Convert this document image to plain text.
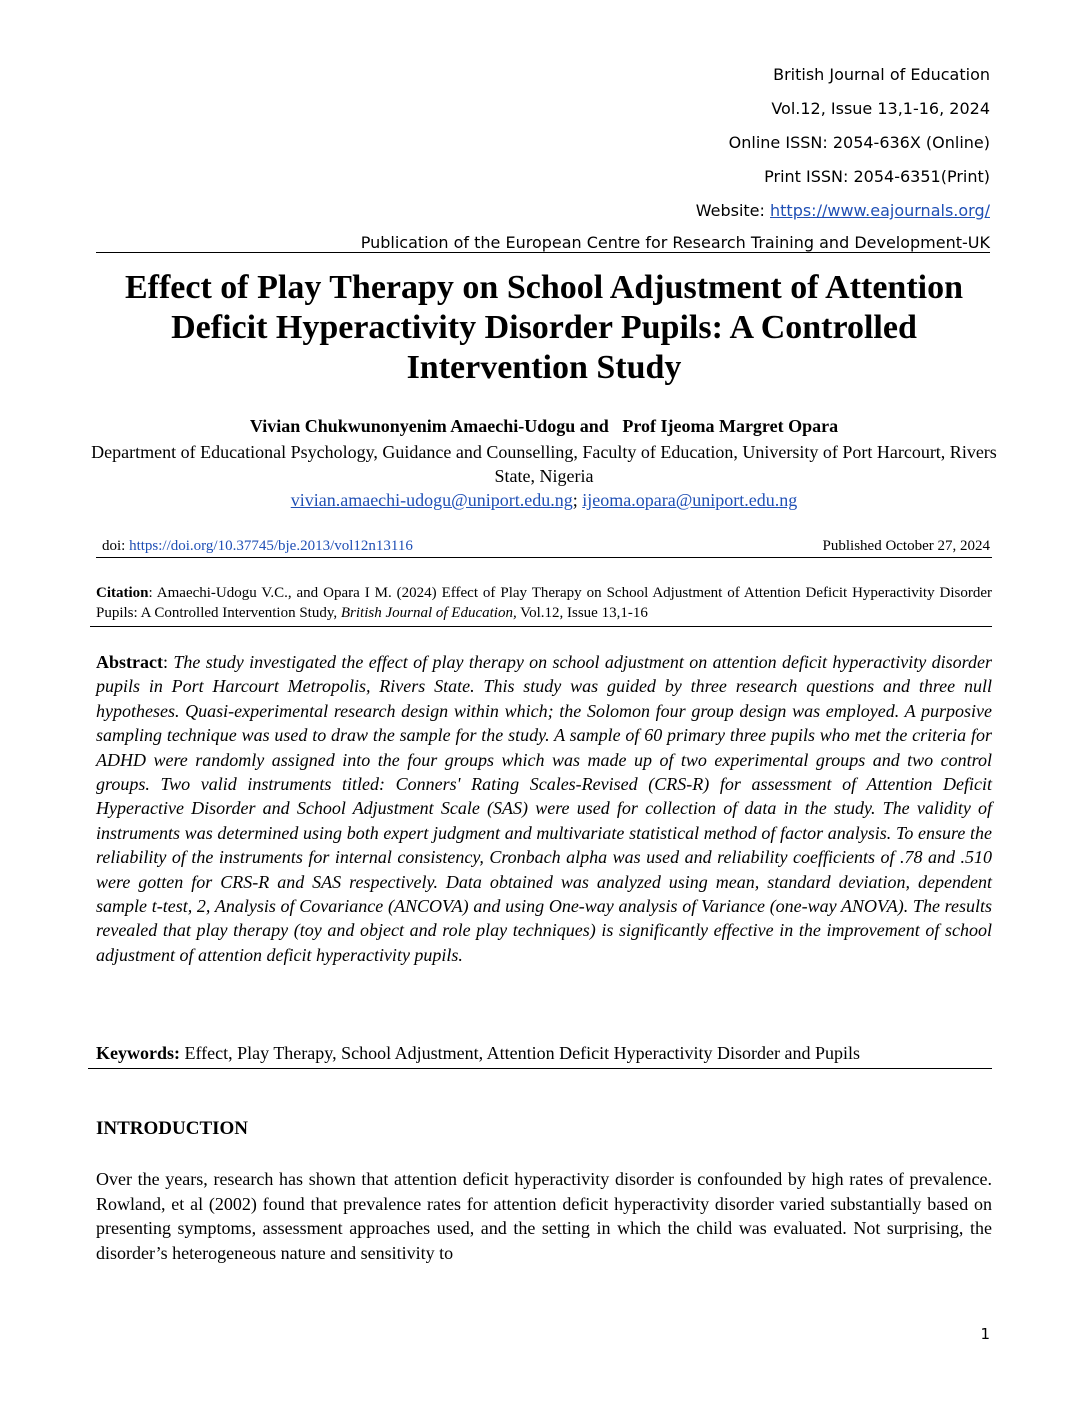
British Journal of Education
Vol.12, Issue 13,1-16, 2024
Online ISSN: 2054-636X (Online)
Print ISSN: 2054-6351(Print)
Website: https://www.eajournals.org/
Publication of the European Centre for Research Training and Development-UK
Effect of Play Therapy on School Adjustment of Attention Deficit Hyperactivity Disorder Pupils: A Controlled Intervention Study
Vivian Chukwunonyenim Amaechi-Udogu and   Prof Ijeoma Margret Opara
Department of Educational Psychology, Guidance and Counselling, Faculty of Education, University of Port Harcourt, Rivers State, Nigeria
vivian.amaechi-udogu@uniport.edu.ng; ijeoma.opara@uniport.edu.ng
doi: https://doi.org/10.37745/bje.2013/vol12n13116	Published October 27, 2024
Citation: Amaechi-Udogu V.C., and Opara I M. (2024) Effect of Play Therapy on School Adjustment of Attention Deficit Hyperactivity Disorder Pupils: A Controlled Intervention Study, British Journal of Education, Vol.12, Issue 13,1-16
Abstract: The study investigated the effect of play therapy on school adjustment on attention deficit hyperactivity disorder pupils in Port Harcourt Metropolis, Rivers State. This study was guided by three research questions and three null hypotheses. Quasi-experimental research design within which; the Solomon four group design was employed. A purposive sampling technique was used to draw the sample for the study. A sample of 60 primary three pupils who met the criteria for ADHD were randomly assigned into the four groups which was made up of two experimental groups and two control groups. Two valid instruments titled: Conners' Rating Scales-Revised (CRS-R) for assessment of Attention Deficit Hyperactive Disorder and School Adjustment Scale (SAS) were used for collection of data in the study. The validity of instruments was determined using both expert judgment and multivariate statistical method of factor analysis. To ensure the reliability of the instruments for internal consistency, Cronbach alpha was used and reliability coefficients of .78 and .510 were gotten for CRS-R and SAS respectively. Data obtained was analyzed using mean, standard deviation, dependent sample t-test, 2, Analysis of Covariance (ANCOVA) and using One-way analysis of Variance (one-way ANOVA). The results revealed that play therapy (toy and object and role play techniques) is significantly effective in the improvement of school adjustment of attention deficit hyperactivity pupils.
Keywords: Effect, Play Therapy, School Adjustment, Attention Deficit Hyperactivity Disorder and Pupils
INTRODUCTION
Over the years, research has shown that attention deficit hyperactivity disorder is confounded by high rates of prevalence. Rowland, et al (2002) found that prevalence rates for attention deficit hyperactivity disorder varied substantially based on presenting symptoms, assessment approaches used, and the setting in which the child was evaluated. Not surprising, the disorder’s heterogeneous nature and sensitivity to
1
